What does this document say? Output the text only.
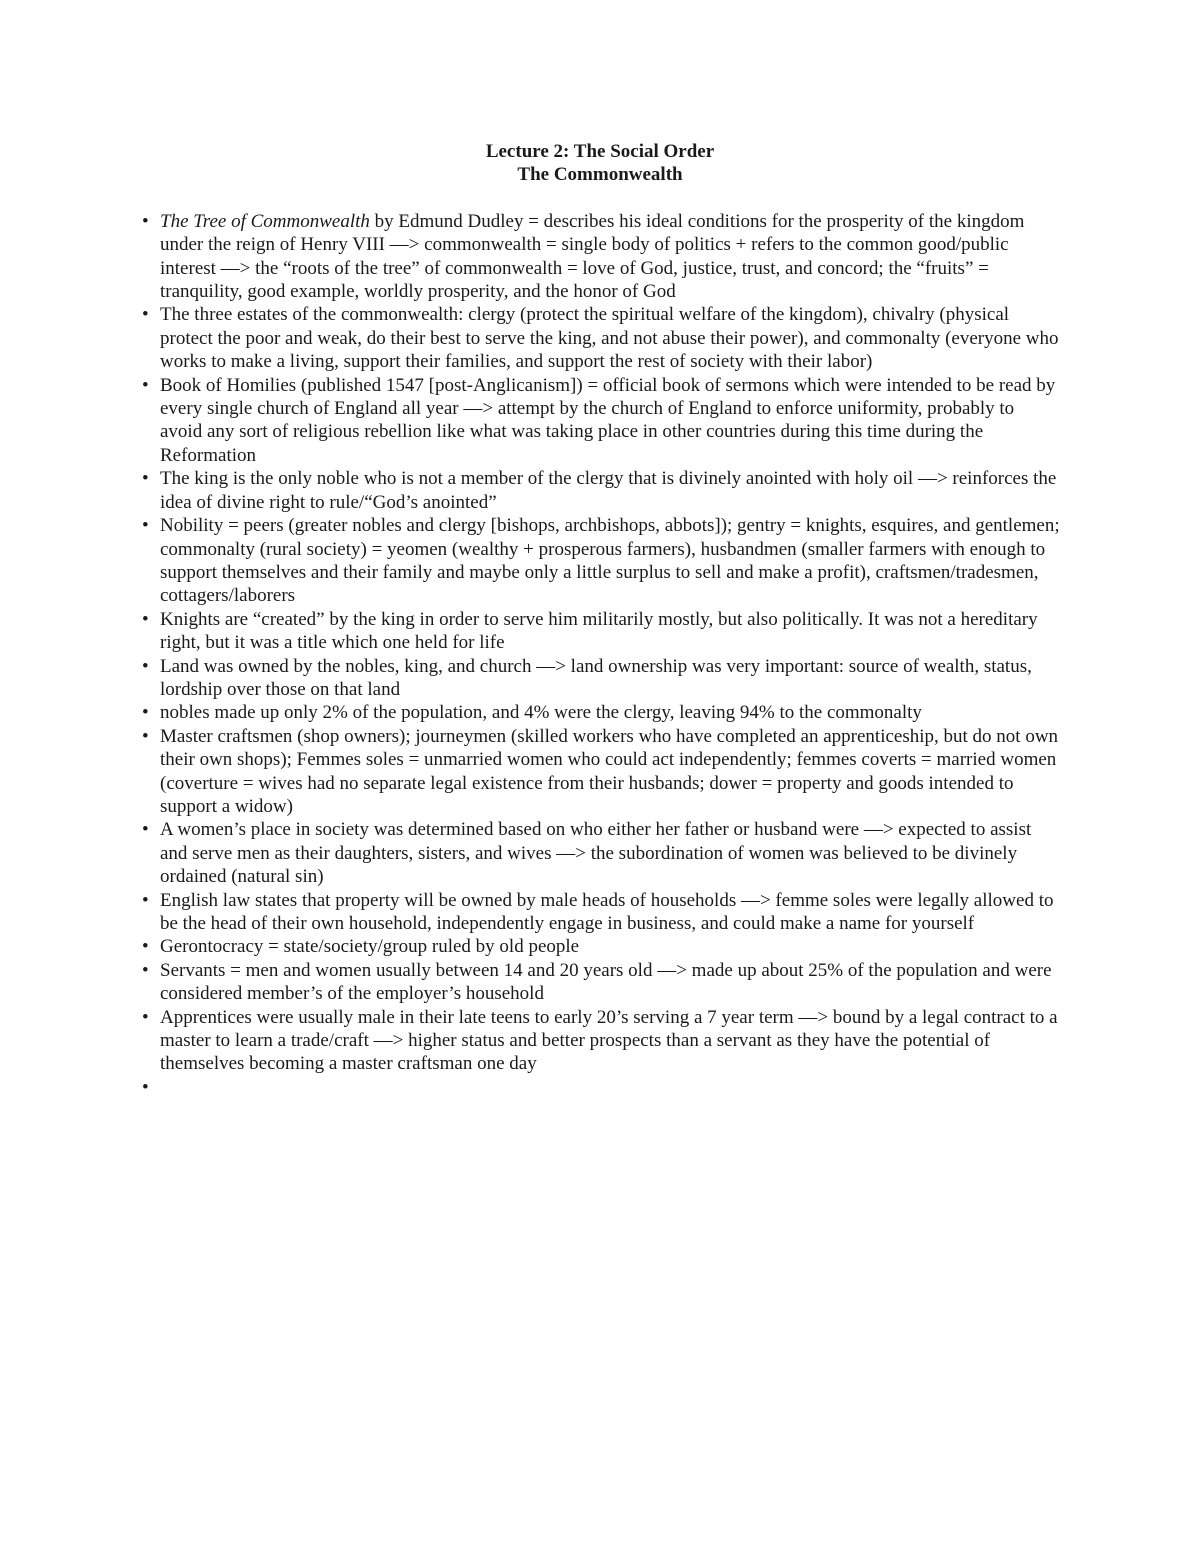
Lecture 2: The Social Order
The Commonwealth
• The Tree of Commonwealth by Edmund Dudley = describes his ideal conditions for the prosperity of the kingdom under the reign of Henry VIII —> commonwealth = single body of politics + refers to the common good/public interest —> the “roots of the tree” of commonwealth = love of God, justice, trust, and concord; the “fruits” = tranquility, good example, worldly prosperity, and the honor of God
• The three estates of the commonwealth: clergy (protect the spiritual welfare of the kingdom), chivalry (physical protect the poor and weak, do their best to serve the king, and not abuse their power), and commonalty (everyone who works to make a living, support their families, and support the rest of society with their labor)
• Book of Homilies (published 1547 [post-Anglicanism]) = official book of sermons which were intended to be read by every single church of England all year —> attempt by the church of England to enforce uniformity, probably to avoid any sort of religious rebellion like what was taking place in other countries during this time during the Reformation
• The king is the only noble who is not a member of the clergy that is divinely anointed with holy oil —> reinforces the idea of divine right to rule/“God’s anointed”
• Nobility = peers (greater nobles and clergy [bishops, archbishops, abbots]); gentry = knights, esquires, and gentlemen; commonalty (rural society) = yeomen (wealthy + prosperous farmers), husbandmen (smaller farmers with enough to support themselves and their family and maybe only a little surplus to sell and make a profit), craftsmen/tradesmen, cottagers/laborers
• Knights are “created” by the king in order to serve him militarily mostly, but also politically. It was not a hereditary right, but it was a title which one held for life
• Land was owned by the nobles, king, and church —> land ownership was very important: source of wealth, status, lordship over those on that land
• nobles made up only 2% of the population, and 4% were the clergy, leaving 94% to the commonalty
• Master craftsmen (shop owners); journeymen (skilled workers who have completed an apprenticeship, but do not own their own shops); Femmes soles = unmarried women who could act independently; femmes coverts = married women (coverture = wives had no separate legal existence from their husbands; dower = property and goods intended to support a widow)
• A women’s place in society was determined based on who either her father or husband were —> expected to assist and serve men as their daughters, sisters, and wives —> the subordination of women was believed to be divinely ordained (natural sin)
• English law states that property will be owned by male heads of households —> femme soles were legally allowed to be the head of their own household, independently engage in business, and could make a name for yourself
• Gerontocracy = state/society/group ruled by old people
• Servants = men and women usually between 14 and 20 years old —> made up about 25% of the population and were considered member’s of the employer’s household
• Apprentices were usually male in their late teens to early 20’s serving a 7 year term —> bound by a legal contract to a master to learn a trade/craft —> higher status and better prospects than a servant as they have the potential of themselves becoming a master craftsman one day
•
